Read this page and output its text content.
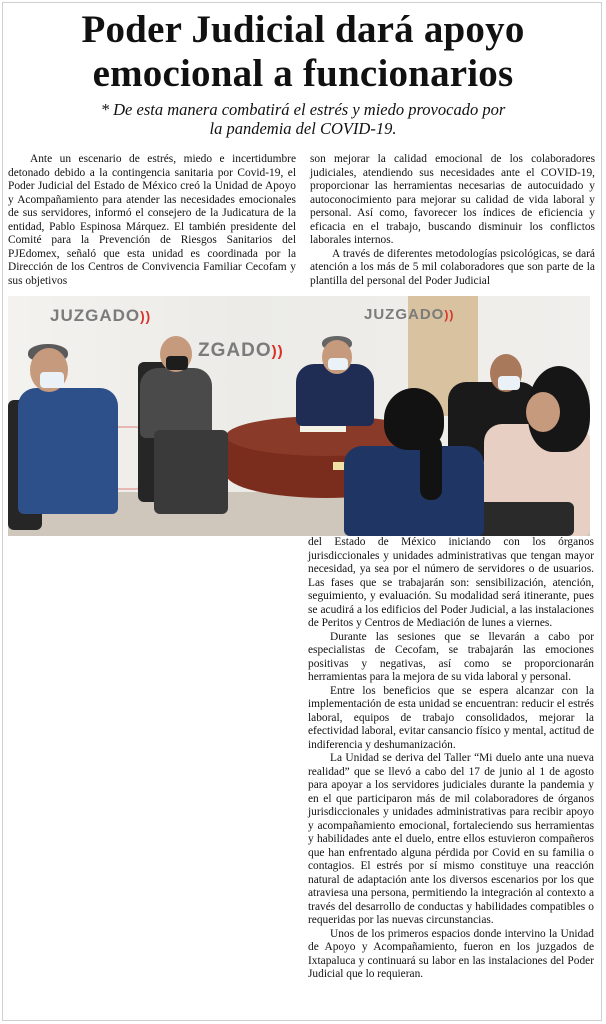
Poder Judicial dará apoyo
emocional a funcionarios
* De esta manera combatirá el estrés y miedo provocado por
la pandemia del COVID-19.

Ante un escenario de estrés, miedo e incertidumbre detonado debido a la contingencia sanitaria por Covid-19, el Poder Judicial del Estado de México creó la Unidad de Apoyo y Acompañamiento para atender las necesidades emocionales de sus servidores, informó el consejero de la Judicatura de la entidad, Pablo Espinosa Márquez. El también presidente del Comité para la Prevención de Riesgos Sanitarios del PJEdomex, señaló que esta unidad es coordinada por la Dirección de los Centros de Convivencia Familiar Cecofam y sus objetivos

son mejorar la calidad emocional de los colaboradores judiciales, atendiendo sus necesidades ante el COVID-19, proporcionar las herramientas necesarias de autocuidado y autoconocimiento para mejorar su calidad de vida laboral y personal. Así como, favorecer los índices de eficiencia y eficacia en el trabajo, buscando disminuir los conflictos laborales internos.

A través de diferentes metodologías psicológicas, se dará atención a los más de 5 mil colaboradores que son parte de la plantilla del personal del Poder Judicial

JUZGADO))
ZGADO))
JUZGADO))

del Estado de México iniciando con los órganos jurisdiccionales y unidades administrativas que tengan mayor necesidad, ya sea por el número de servidores o de usuarios. Las fases que se trabajarán son: sensibilización, atención, seguimiento, y evaluación. Su modalidad será itinerante, pues se acudirá a los edificios del Poder Judicial, a las instalaciones de Peritos y Centros de Mediación de lunes a viernes.

Durante las sesiones que se llevarán a cabo por especialistas de Cecofam, se trabajarán las emociones positivas y negativas, así como se proporcionarán herramientas para la mejora de su vida laboral y personal.

Entre los beneficios que se espera alcanzar con la implementación de esta unidad se encuentran: reducir el estrés laboral, equipos de trabajo consolidados, mejorar la efectividad laboral, evitar cansancio físico y mental, actitud de indiferencia y deshumanización.

La Unidad se deriva del Taller “Mi duelo ante una nueva realidad” que se llevó a cabo del 17 de junio al 1 de agosto para apoyar a los servidores judiciales durante la pandemia y en el que participaron más de mil colaboradores de órganos jurisdiccionales y unidades administrativas para recibir apoyo y acompañamiento emocional, fortaleciendo sus herramientas y habilidades ante el duelo, entre ellos estuvieron compañeros que han enfrentado alguna pérdida por Covid en su familia o contagios. El estrés por sí mismo constituye una reacción natural de adaptación ante los diversos escenarios por los que atraviesa una persona, permitiendo la integración al contexto a través del desarrollo de conductas y habilidades compatibles o requeridas por las nuevas circunstancias.

Unos de los primeros espacios donde intervino la Unidad de Apoyo y Acompañamiento, fueron en los juzgados de Ixtapaluca y continuará su labor en las instalaciones del Poder Judicial que lo requieran.
